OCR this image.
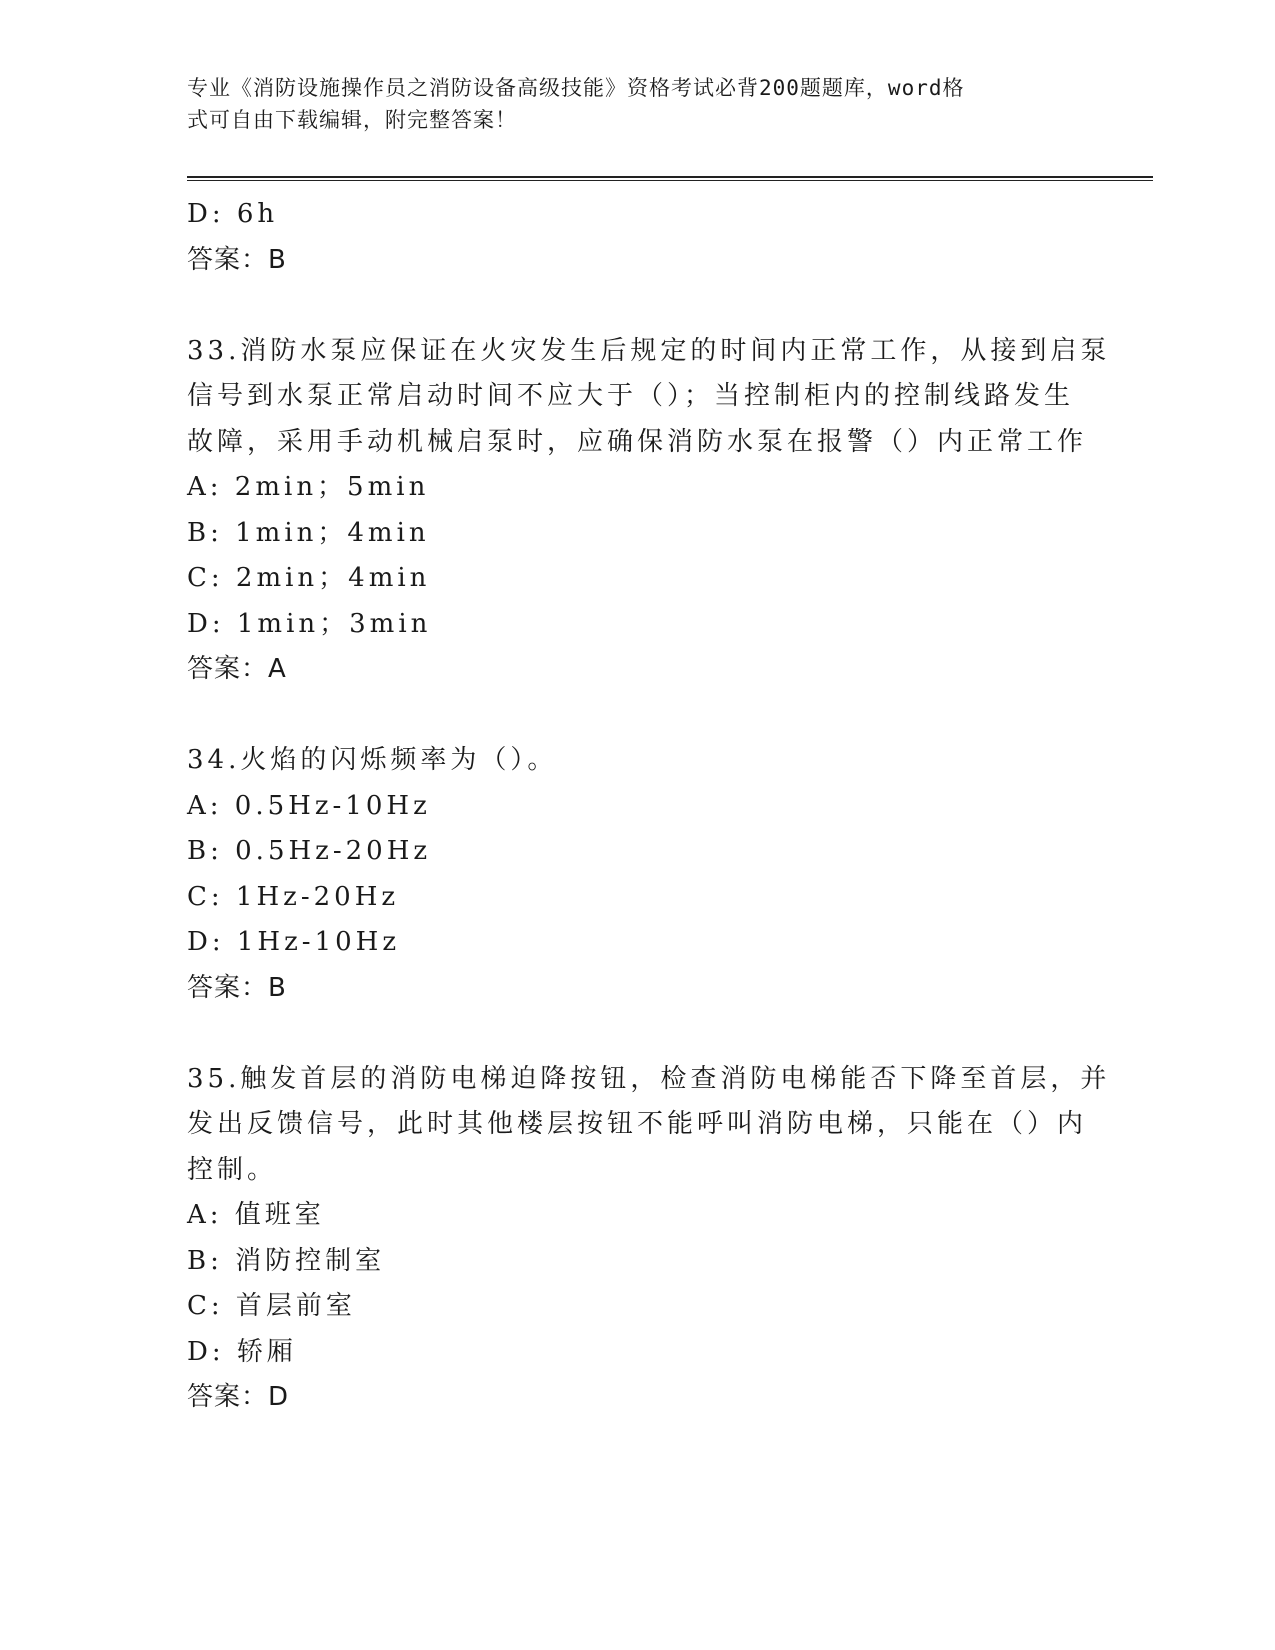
专业《消防设施操作员之消防设备高级技能》资格考试必背200题题库，word格
式可自由下载编辑，附完整答案！
D: 6h
答案：B
33.消防水泵应保证在火灾发生后规定的时间内正常工作，从接到启泵
信号到水泵正常启动时间不应大于（）；当控制柜内的控制线路发生
故障，采用手动机械启泵时，应确保消防水泵在报警（）内正常工作
A: 2min；5min
B: 1min；4min
C: 2min；4min
D: 1min；3min
答案：A
34.火焰的闪烁频率为（）。
A: 0.5Hz-10Hz
B: 0.5Hz-20Hz
C: 1Hz-20Hz
D: 1Hz-10Hz
答案：B
35.触发首层的消防电梯迫降按钮，检查消防电梯能否下降至首层，并
发出反馈信号，此时其他楼层按钮不能呼叫消防电梯，只能在（）内
控制。
A: 值班室
B: 消防控制室
C: 首层前室
D: 轿厢
答案：D
